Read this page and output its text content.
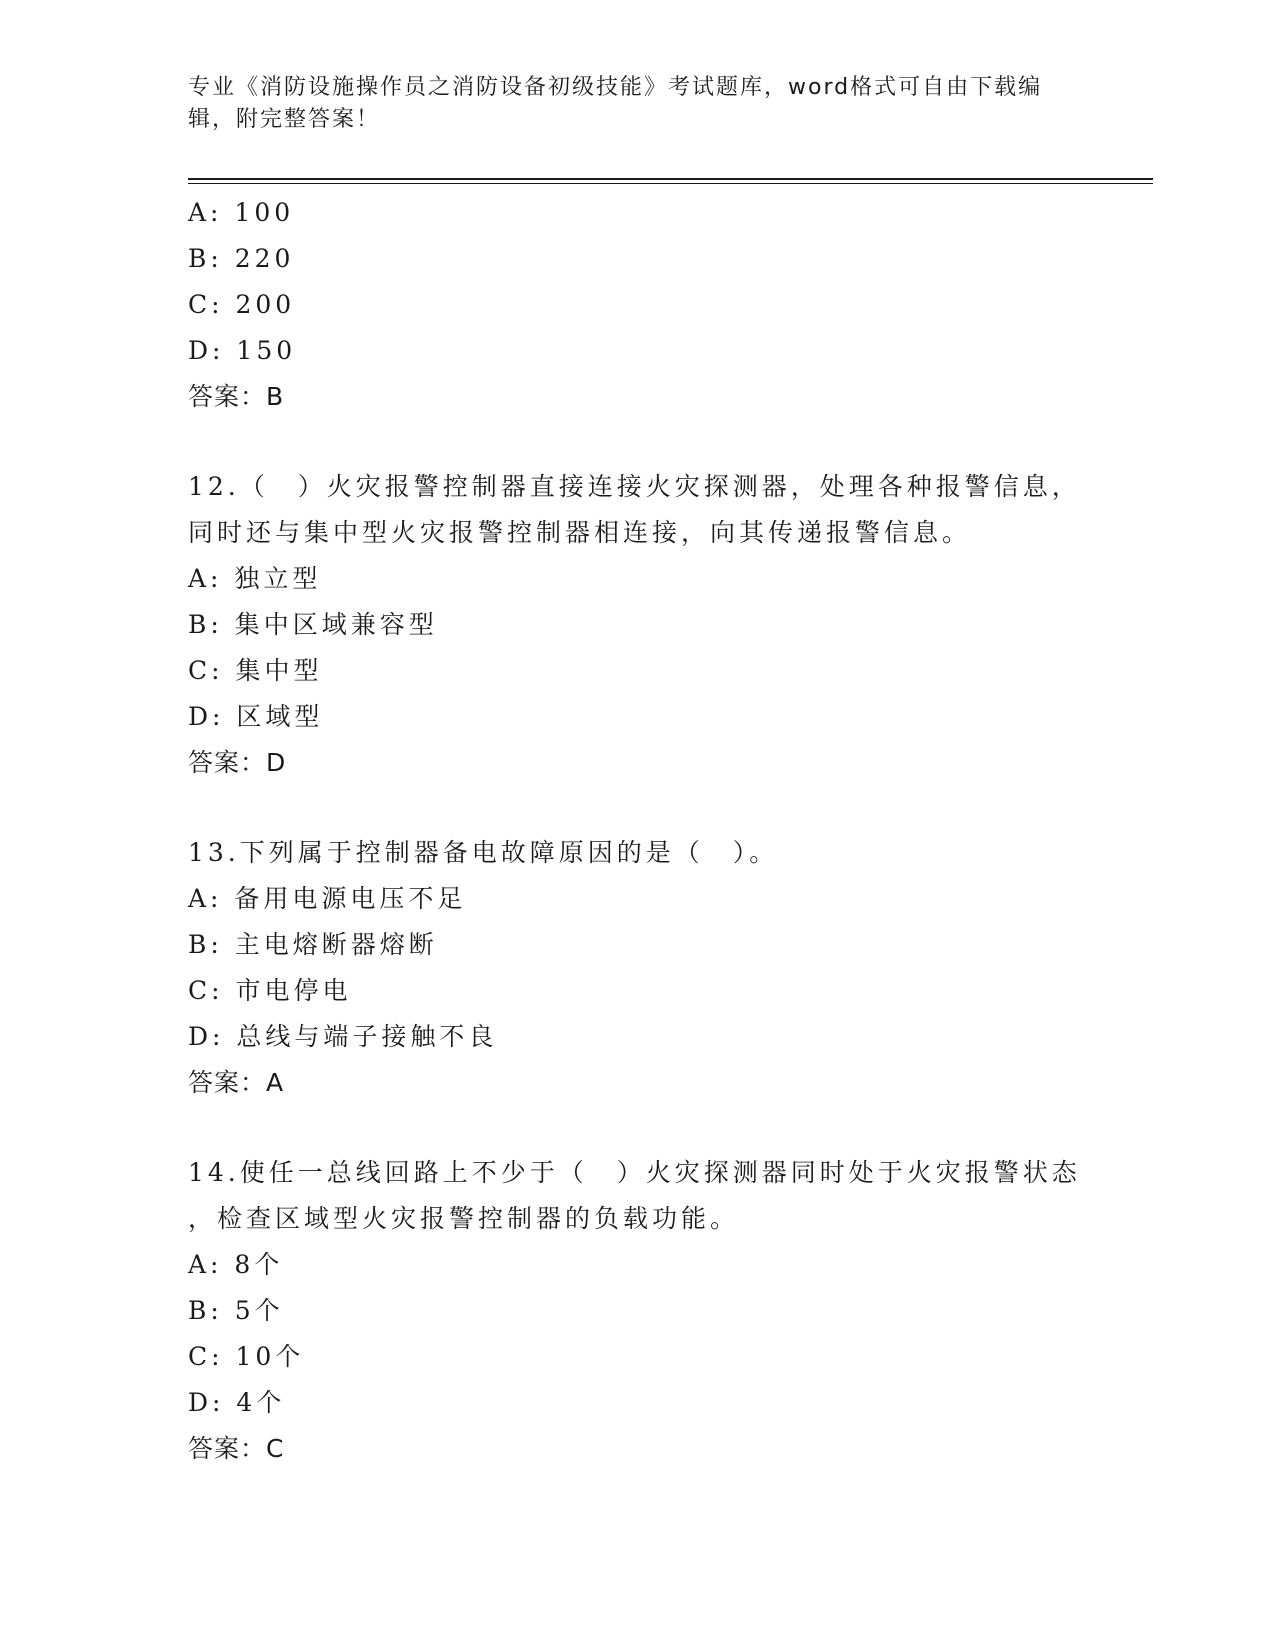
专业《消防设施操作员之消防设备初级技能》考试题库，word格式可自由下载编辑，附完整答案！
A: 100
B: 220
C: 200
D: 150
答案：B
12.（　）火灾报警控制器直接连接火灾探测器，处理各种报警信息，
同时还与集中型火灾报警控制器相连接，向其传递报警信息。
A: 独立型
B: 集中区域兼容型
C: 集中型
D: 区域型
答案：D
13.下列属于控制器备电故障原因的是（　）。
A: 备用电源电压不足
B: 主电熔断器熔断
C: 市电停电
D: 总线与端子接触不良
答案：A
14.使任一总线回路上不少于（　）火灾探测器同时处于火灾报警状态
，检查区域型火灾报警控制器的负载功能。
A: 8个
B: 5个
C: 10个
D: 4个
答案：C
